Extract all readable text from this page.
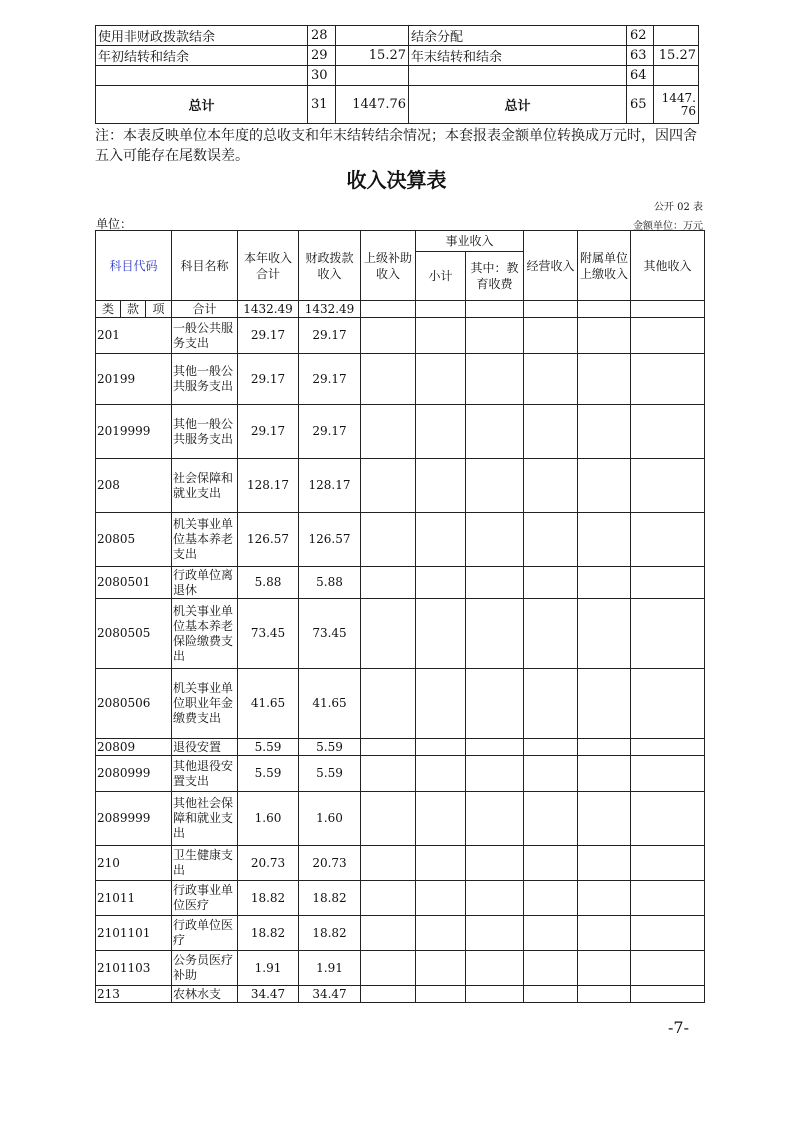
使用非财政拨款结余	28		结余分配	62	
年初结转和结余	29	15.27	年末结转和结余	63	15.27
	30			64	
总计	31	1447.76	总计	65	1447.76
注：本表反映单位本年度的总收支和年末结转结余情况；本套报表金额单位转换成万元时，因四舍五入可能存在尾数误差。
收入决算表
公开 02 表
单位：	金额单位：万元
科目代码			科目名称	本年收入合计	财政拨款收入	上级补助收入	事业收入		经营收入	附属单位上缴收入	其他收入
							小计	其中：教育收费			
类	款	项	合计	1432.49	1432.49						
201			一般公共服务支出	29.17	29.17						
20199			其他一般公共服务支出	29.17	29.17						
2019999			其他一般公共服务支出	29.17	29.17						
208			社会保障和就业支出	128.17	128.17						
20805			机关事业单位基本养老支出	126.57	126.57						
2080501			行政单位离退休	5.88	5.88						
2080505			机关事业单位基本养老保险缴费支出	73.45	73.45						
2080506			机关事业单位职业年金缴费支出	41.65	41.65						
20809			退役安置	5.59	5.59						
2080999			其他退役安置支出	5.59	5.59						
2089999			其他社会保障和就业支出	1.60	1.60						
210			卫生健康支出	20.73	20.73						
21011			行政事业单位医疗	18.82	18.82						
2101101			行政单位医疗	18.82	18.82						
2101103			公务员医疗补助	1.91	1.91						
213			农林水支	34.47	34.47						
-7-
